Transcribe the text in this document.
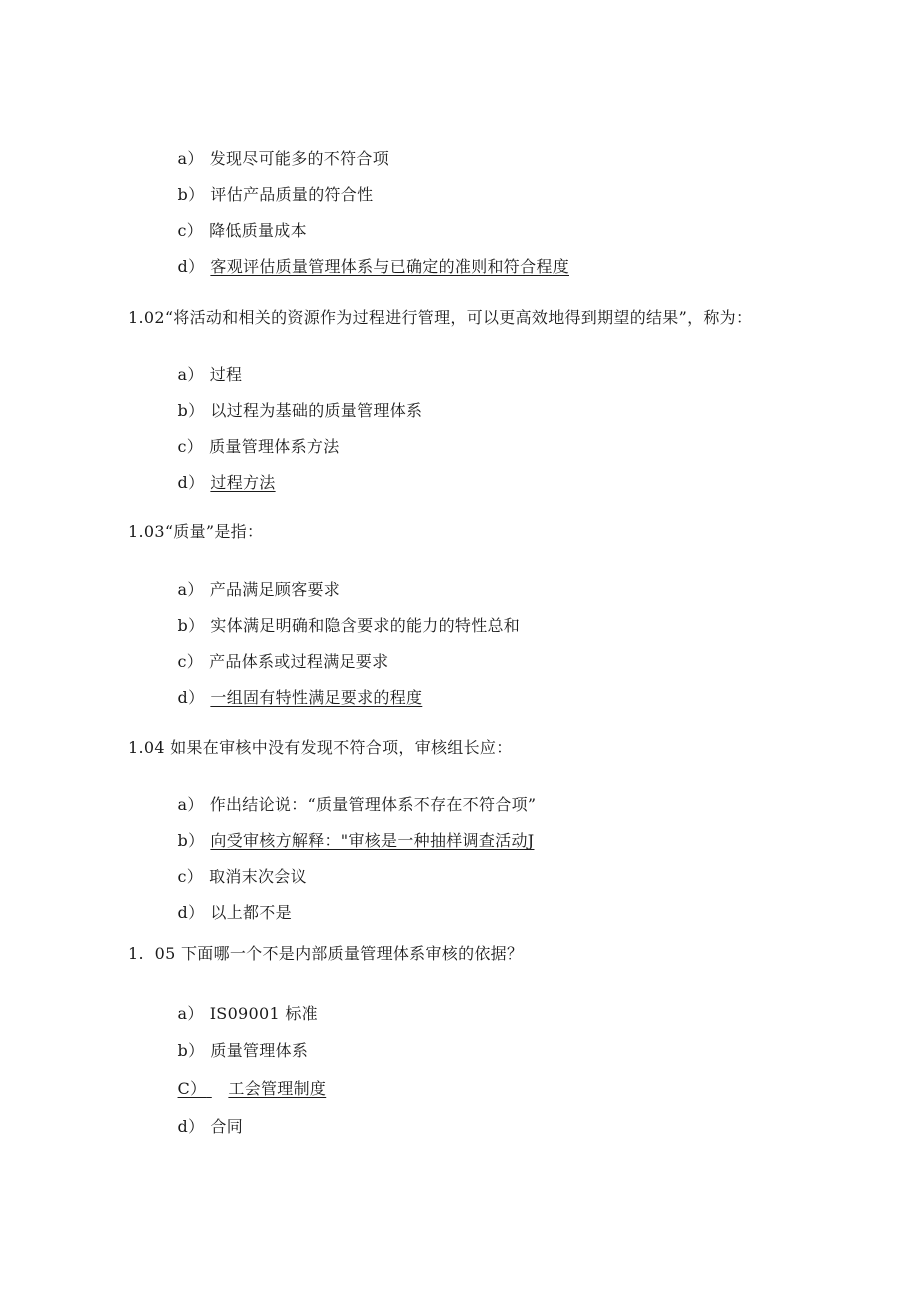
a） 发现尽可能多的不符合项

b） 评估产品质量的符合性

c） 降低质量成本

d） 客观评估质量管理体系与已确定的准则和符合程度

1.02“将活动和相关的资源作为过程进行管理，可以更高效地得到期望的结果”，称为：

a） 过程

b） 以过程为基础的质量管理体系

c） 质量管理体系方法

d） 过程方法

1.03“质量”是指：

a） 产品满足顾客要求

b） 实体满足明确和隐含要求的能力的特性总和

c） 产品体系或过程满足要求

d） 一组固有特性满足要求的程度

1.04 如果在审核中没有发现不符合项，审核组长应：

a） 作出结论说：“质量管理体系不存在不符合项”

b） 向受审核方解释："审核是一种抽样调查活动J

c） 取消末次会议

d） 以上都不是

1.  05 下面哪一个不是内部质量管理体系审核的依据？

a） IS09001 标准

b） 质量管理体系

C） 工会管理制度

d） 合同
